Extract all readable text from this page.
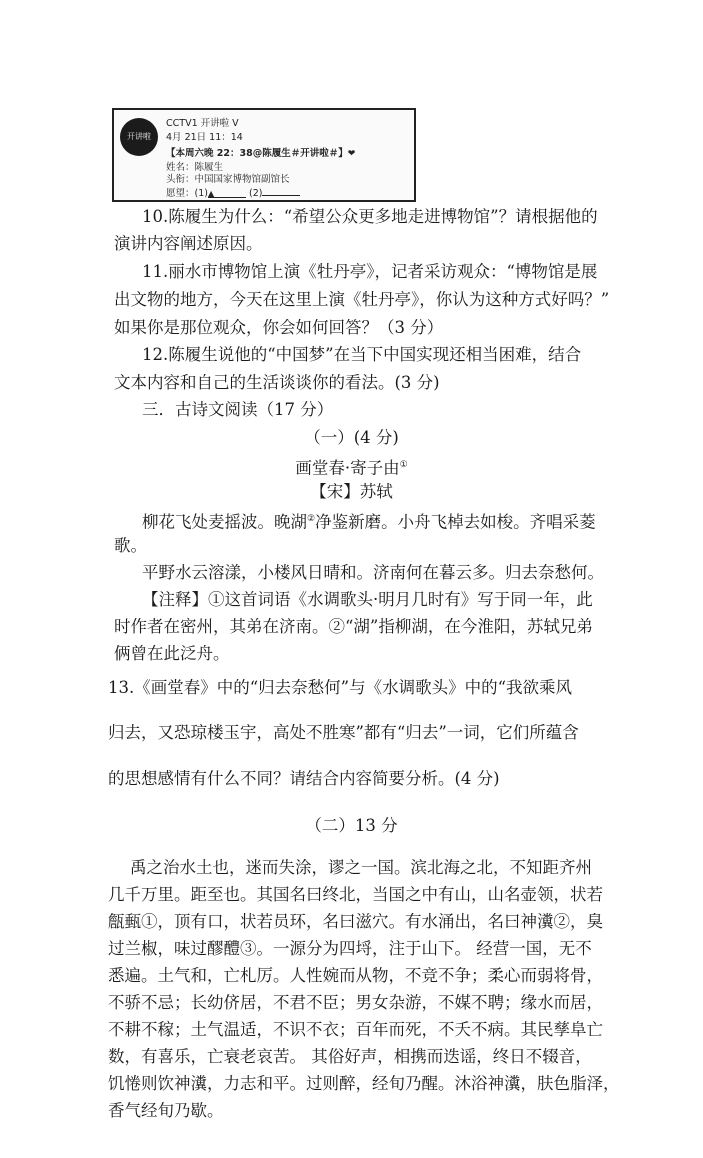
开讲啦
CCTV1 开讲啦 V
4月 21日 11：14
【本周六晚 22：38@陈履生＃开讲啦＃】❤
姓名：陈履生
头衔：中国国家博物馆副馆长
愿望：(1)▲	(2)
10.陈履生为什么：“希望公众更多地走进博物馆”？请根据他的
演讲内容阐述原因。
11.丽水市博物馆上演《牡丹亭》，记者采访观众：“博物馆是展
出文物的地方，今天在这里上演《牡丹亭》，你认为这种方式好吗？”
如果你是那位观众，你会如何回答？（3 分）
12.陈履生说他的“中国梦”在当下中国实现还相当困难，结合
文本内容和自己的生活谈谈你的看法。(3 分)
三．古诗文阅读（17 分）
（一）(4 分)
画堂春·寄子由①
【宋】苏轼
柳花飞处麦摇波。晚湖②净鉴新磨。小舟飞棹去如梭。齐唱采菱
歌。
平野水云溶漾，小楼风日晴和。济南何在暮云多。归去奈愁何。
【注释】①这首词语《水调歌头·明月几时有》写于同一年，此
时作者在密州，其弟在济南。②“湖”指柳湖，在今淮阳，苏轼兄弟
俩曾在此泛舟。
13.《画堂春》中的“归去奈愁何”与《水调歌头》中的“我欲乘风
归去，又恐琼楼玉宇，高处不胜寒”都有“归去”一词，它们所蕴含
的思想感情有什么不同？请结合内容简要分析。(4 分)
（二）13 分
禹之治水土也，迷而失涂，谬之一国。滨北海之北，不知距齐州
几千万里。距至也。其国名曰终北，当国之中有山，山名壶领，状若
甔甀①，顶有口，状若员环，名曰滋穴。有水涌出，名曰神瀵②，臭
过兰椒，味过醪醴③。一源分为四埒，注于山下。 经营一国，无不
悉遍。土气和，亡札厉。人性婉而从物，不竞不争；柔心而弱将骨，
不骄不忌；长幼侪居，不君不臣；男女杂游，不媒不聘；缘水而居，
不耕不稼；土气温适，不识不衣；百年而死，不夭不病。其民孳阜亡
数，有喜乐，亡衰老哀苦。 其俗好声，相携而迭谣，终日不辍音，
饥惓则饮神瀵，力志和平。过则醉，经旬乃醒。沐浴神瀵，肤色脂泽，
香气经旬乃歇。
